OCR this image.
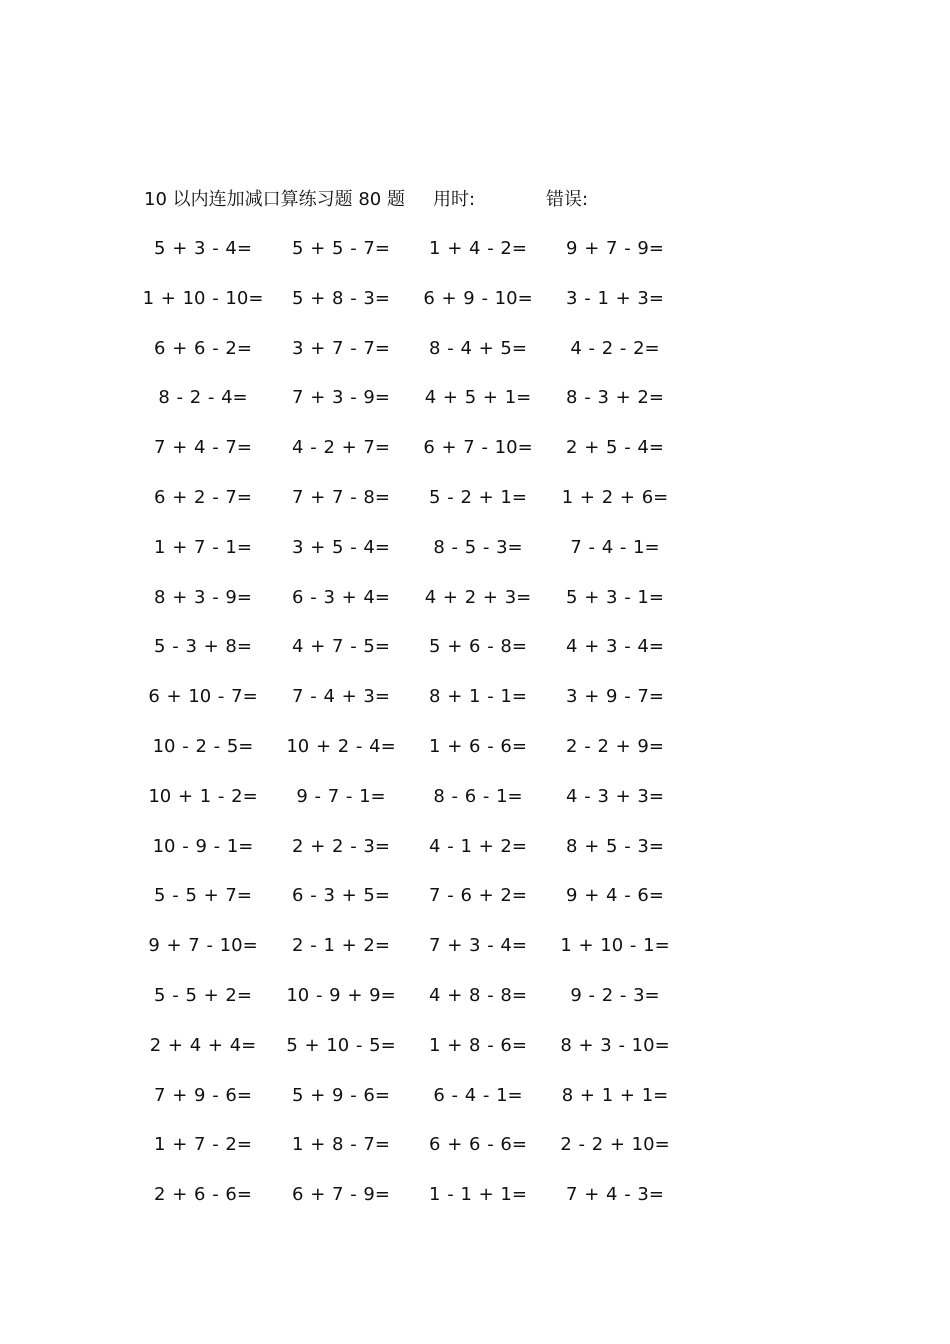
10 以内连加减口算练习题 80 题 用时:	错误:
5 + 3 - 4=	5 + 5 - 7=	1 + 4 - 2=	9 + 7 - 9=
1 + 10 - 10=	5 + 8 - 3=	6 + 9 - 10=	3 - 1 + 3=
6 + 6 - 2=	3 + 7 - 7=	8 - 4 + 5=	4 - 2 - 2=
8 - 2 - 4=	7 + 3 - 9=	4 + 5 + 1=	8 - 3 + 2=
7 + 4 - 7=	4 - 2 + 7=	6 + 7 - 10=	2 + 5 - 4=
6 + 2 - 7=	7 + 7 - 8=	5 - 2 + 1=	1 + 2 + 6=
1 + 7 - 1=	3 + 5 - 4=	8 - 5 - 3=	7 - 4 - 1=
8 + 3 - 9=	6 - 3 + 4=	4 + 2 + 3=	5 + 3 - 1=
5 - 3 + 8=	4 + 7 - 5=	5 + 6 - 8=	4 + 3 - 4=
6 + 10 - 7=	7 - 4 + 3=	8 + 1 - 1=	3 + 9 - 7=
10 - 2 - 5=	10 + 2 - 4=	1 + 6 - 6=	2 - 2 + 9=
10 + 1 - 2=	9 - 7 - 1=	8 - 6 - 1=	4 - 3 + 3=
10 - 9 - 1=	2 + 2 - 3=	4 - 1 + 2=	8 + 5 - 3=
5 - 5 + 7=	6 - 3 + 5=	7 - 6 + 2=	9 + 4 - 6=
9 + 7 - 10=	2 - 1 + 2=	7 + 3 - 4=	1 + 10 - 1=
5 - 5 + 2=	10 - 9 + 9=	4 + 8 - 8=	9 - 2 - 3=
2 + 4 + 4=	5 + 10 - 5=	1 + 8 - 6=	8 + 3 - 10=
7 + 9 - 6=	5 + 9 - 6=	6 - 4 - 1=	8 + 1 + 1=
1 + 7 - 2=	1 + 8 - 7=	6 + 6 - 6=	2 - 2 + 10=
2 + 6 - 6=	6 + 7 - 9=	1 - 1 + 1=	7 + 4 - 3=
